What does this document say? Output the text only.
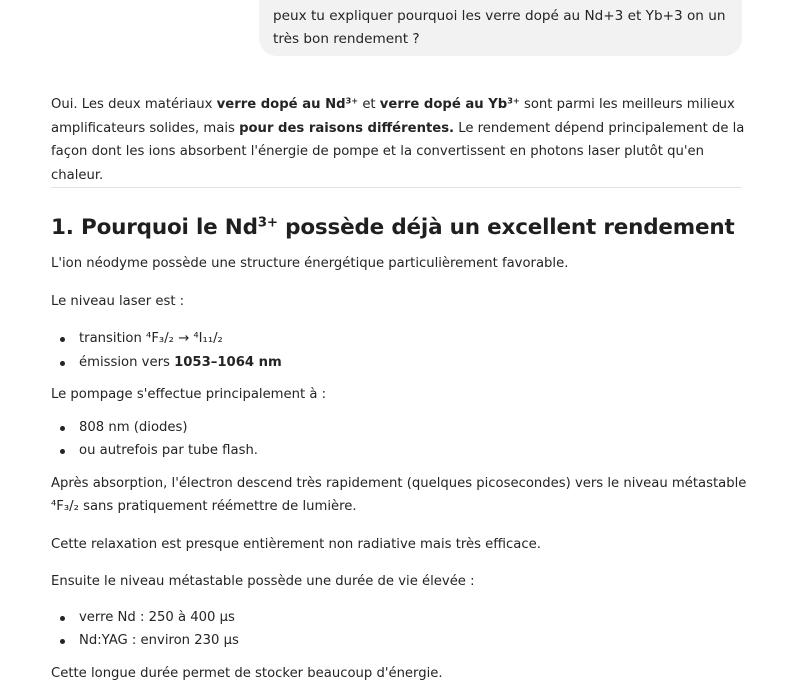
peux tu expliquer pourquoi les verre dopé au Nd+3 et Yb+3 on un très bon rendement ?

Oui. Les deux matériaux verre dopé au $Nd^{3+}$ et verre dopé au $Yb^{3+}$ sont parmi les meilleurs milieux amplificateurs solides, mais pour des raisons différentes. Le rendement dépend principalement de la façon dont les ions absorbent l'énergie de pompe et la convertissent en photons laser plutôt qu'en chaleur.

1. Pourquoi le $Nd^{3+}$ possède déjà un excellent rendement

L'ion néodyme possède une structure énergétique particulièrement favorable.

Le niveau laser est :

transition ⁴F₃/₂ → ⁴I₁₁/₂
émission vers 1053–1064 nm

Le pompage s'effectue principalement à :

808 nm (diodes)
ou autrefois par tube flash.

Après absorption, l'électron descend très rapidement (quelques picosecondes) vers le niveau métastable ⁴F₃/₂ sans pratiquement réémettre de lumière.

Cette relaxation est presque entièrement non radiative mais très efficace.

Ensuite le niveau métastable possède une durée de vie élevée :

verre Nd : 250 à 400 µs
Nd:YAG : environ 230 µs

Cette longue durée permet de stocker beaucoup d'énergie.
